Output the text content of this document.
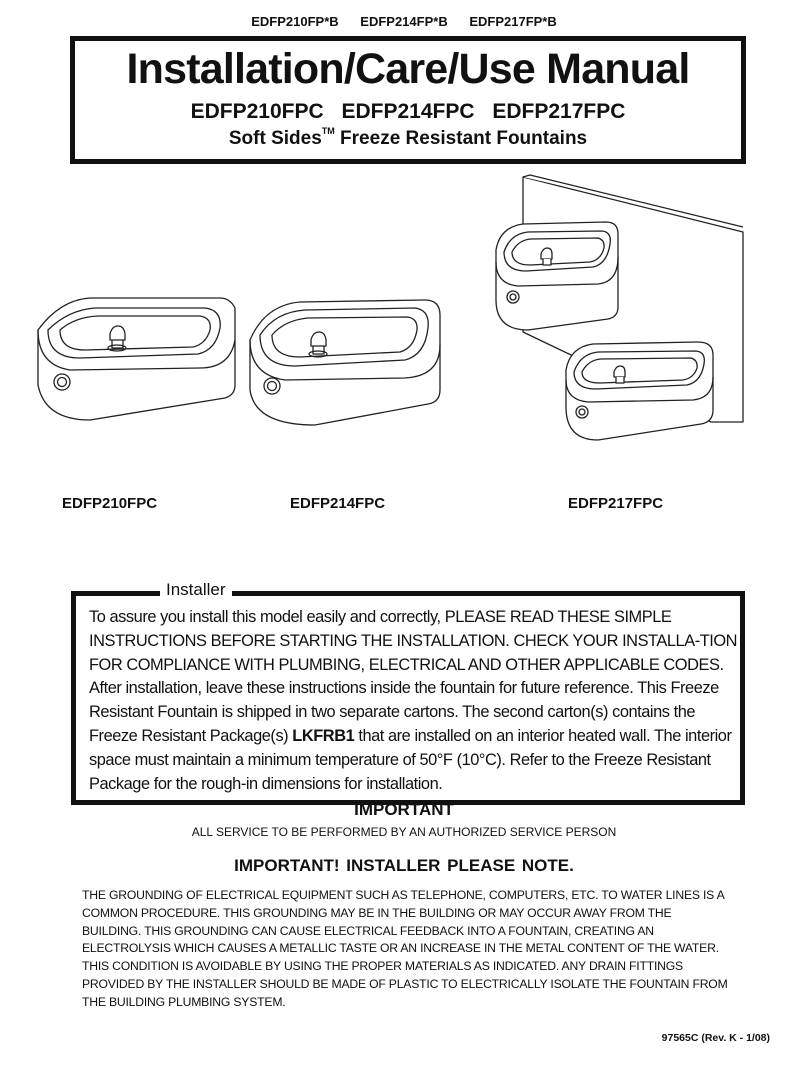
EDFP210FP*B EDFP214FP*B EDFP217FP*B
Installation/Care/Use Manual
EDFP210FPC EDFP214FPC EDFP217FPC
Soft Sides™ Freeze Resistant Fountains
EDFP210FPC	EDFP214FPC	EDFP217FPC
To assure you install this model easily and correctly, PLEASE READ THESE SIMPLE INSTRUCTIONS BEFORE STARTING THE INSTALLATION. CHECK YOUR INSTALLA-TION FOR COMPLIANCE WITH PLUMBING, ELECTRICAL AND OTHER APPLICABLE CODES. After installation, leave these instructions inside the fountain for future reference. This Freeze Resistant Fountain is shipped in two separate cartons. The second carton(s) contains the Freeze Resistant Package(s) LKFRB1 that are installed on an interior heated wall. The interior space must maintain a minimum temperature of 50°F (10°C). Refer to the Freeze Resistant Package for the rough-in dimensions for installation.
Installer
IMPORTANT
ALL SERVICE TO BE PERFORMED BY AN AUTHORIZED SERVICE PERSON
IMPORTANT! INSTALLER PLEASE NOTE.
THE GROUNDING OF ELECTRICAL EQUIPMENT SUCH AS TELEPHONE, COMPUTERS, ETC. TO WATER LINES IS A COMMON PROCEDURE. THIS GROUNDING MAY BE IN THE BUILDING OR MAY OCCUR AWAY FROM THE BUILDING. THIS GROUNDING CAN CAUSE ELECTRICAL FEEDBACK INTO A FOUNTAIN, CREATING AN ELECTROLYSIS WHICH CAUSES A METALLIC TASTE OR AN INCREASE IN THE METAL CONTENT OF THE WATER. THIS CONDITION IS AVOIDABLE BY USING THE PROPER MATERIALS AS INDICATED. ANY DRAIN FITTINGS PROVIDED BY THE INSTALLER SHOULD BE MADE OF PLASTIC TO ELECTRICALLY ISOLATE THE FOUNTAIN FROM THE BUILDING PLUMBING SYSTEM.
97565C (Rev. K - 1/08)
